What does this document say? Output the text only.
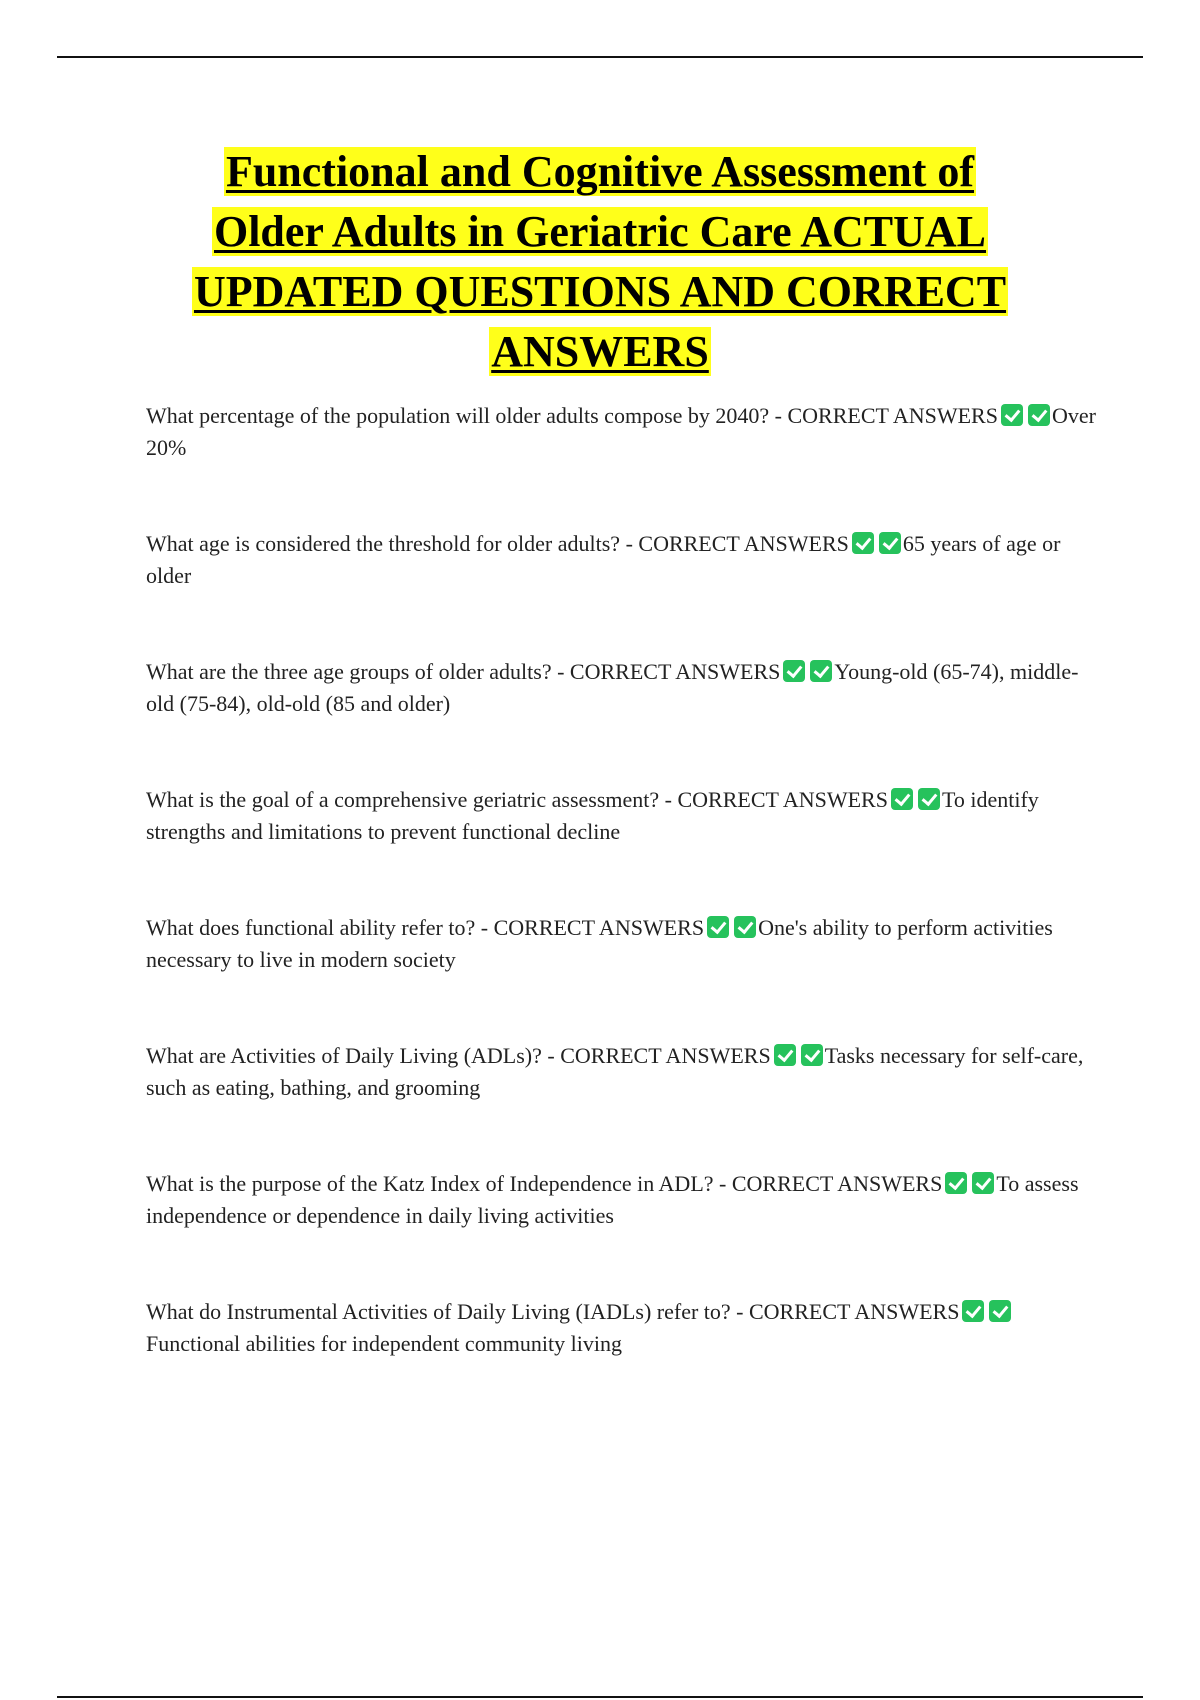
Functional and Cognitive Assessment of
Older Adults in Geriatric Care ACTUAL
UPDATED QUESTIONS AND CORRECT
ANSWERS
What percentage of the population will older adults compose by 2040? - CORRECT ANSWERS Over 20%
What age is considered the threshold for older adults? - CORRECT ANSWERS 65 years of age or older
What are the three age groups of older adults? - CORRECT ANSWERS Young-old (65-74), middle-old (75-84), old-old (85 and older)
What is the goal of a comprehensive geriatric assessment? - CORRECT ANSWERS To identify strengths and limitations to prevent functional decline
What does functional ability refer to? - CORRECT ANSWERS One's ability to perform activities necessary to live in modern society
What are Activities of Daily Living (ADLs)? - CORRECT ANSWERS Tasks necessary for self-care, such as eating, bathing, and grooming
What is the purpose of the Katz Index of Independence in ADL? - CORRECT ANSWERS To assess independence or dependence in daily living activities
What do Instrumental Activities of Daily Living (IADLs) refer to? - CORRECT ANSWERSFunctional abilities for independent community living
